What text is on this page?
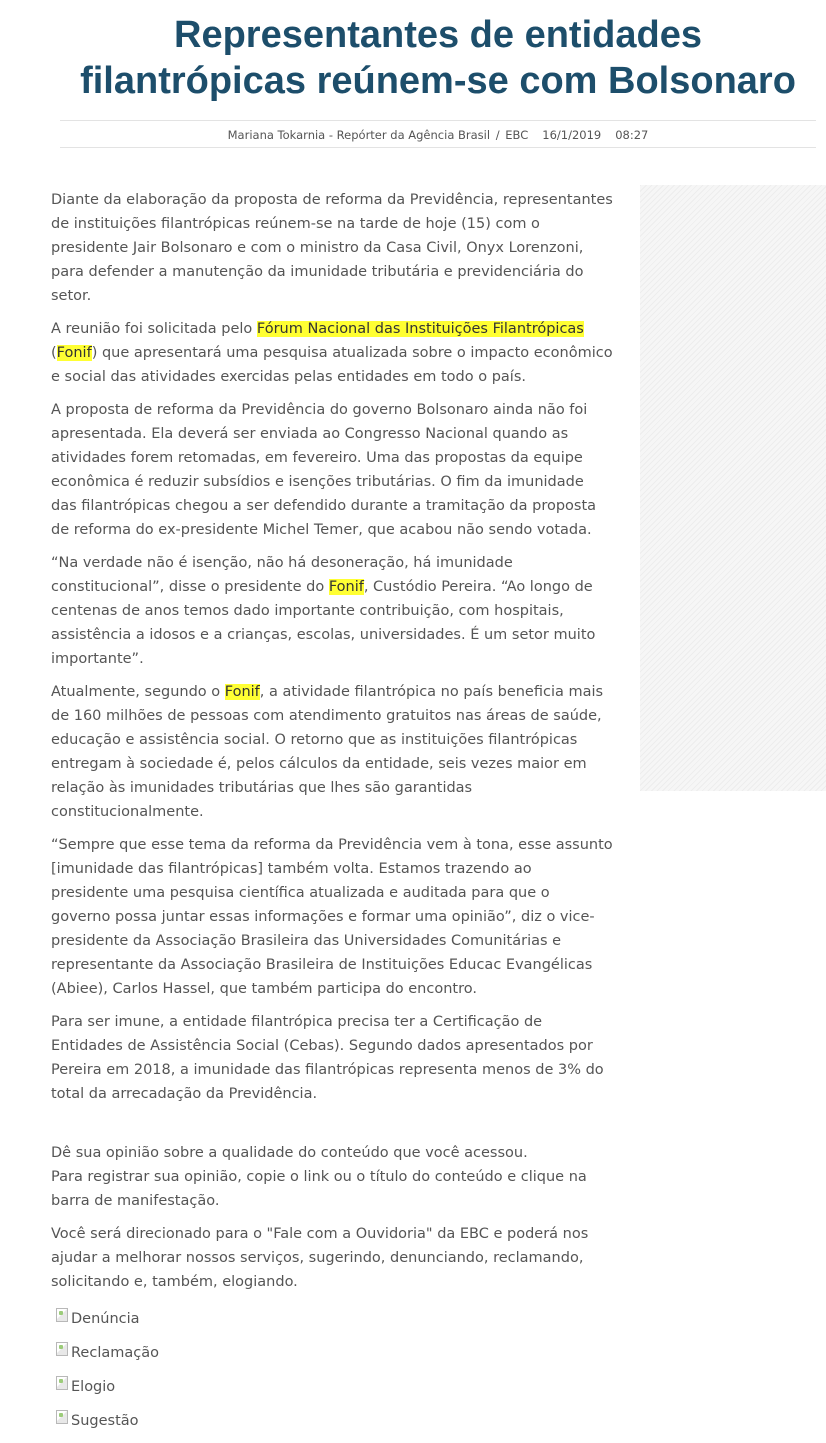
Representantes de entidades filantrópicas reúnem-se com Bolsonaro
Mariana Tokarnia - Repórter da Agência Brasil / EBC 16/1/2019 08:27

Diante da elaboração da proposta de reforma da Previdência, representantes de instituições filantrópicas reúnem-se na tarde de hoje (15) com o presidente Jair Bolsonaro e com o ministro da Casa Civil, Onyx Lorenzoni, para defender a manutenção da imunidade tributária e previdenciária do setor.

A reunião foi solicitada pelo Fórum Nacional das Instituições Filantrópicas (Fonif) que apresentará uma pesquisa atualizada sobre o impacto econômico e social das atividades exercidas pelas entidades em todo o país.

A proposta de reforma da Previdência do governo Bolsonaro ainda não foi apresentada. Ela deverá ser enviada ao Congresso Nacional quando as atividades forem retomadas, em fevereiro. Uma das propostas da equipe econômica é reduzir subsídios e isenções tributárias. O fim da imunidade das filantrópicas chegou a ser defendido durante a tramitação da proposta de reforma do ex-presidente Michel Temer, que acabou não sendo votada.

“Na verdade não é isenção, não há desoneração, há imunidade constitucional”, disse o presidente do Fonif, Custódio Pereira. “Ao longo de centenas de anos temos dado importante contribuição, com hospitais, assistência a idosos e a crianças, escolas, universidades. É um setor muito importante”.

Atualmente, segundo o Fonif, a atividade filantrópica no país beneficia mais de 160 milhões de pessoas com atendimento gratuitos nas áreas de saúde, educação e assistência social. O retorno que as instituições filantrópicas entregam à sociedade é, pelos cálculos da entidade, seis vezes maior em relação às imunidades tributárias que lhes são garantidas constitucionalmente.

“Sempre que esse tema da reforma da Previdência vem à tona, esse assunto [imunidade das filantrópicas] também volta. Estamos trazendo ao presidente uma pesquisa científica atualizada e auditada para que o governo possa juntar essas informações e formar uma opinião”, diz o vice-presidente da Associação Brasileira das Universidades Comunitárias e representante da Associação Brasileira de Instituições Educac Evangélicas (Abiee), Carlos Hassel, que também participa do encontro.

Para ser imune, a entidade filantrópica precisa ter a Certificação de Entidades de Assistência Social (Cebas). Segundo dados apresentados por Pereira em 2018, a imunidade das filantrópicas representa menos de 3% do total da arrecadação da Previdência.

Dê sua opinião sobre a qualidade do conteúdo que você acessou.
Para registrar sua opinião, copie o link ou o título do conteúdo e clique na barra de manifestação.

Você será direcionado para o "Fale com a Ouvidoria" da EBC e poderá nos ajudar a melhorar nossos serviços, sugerindo, denunciando, reclamando, solicitando e, também, elogiando.

Denúncia
Reclamação
Elogio
Sugestão
